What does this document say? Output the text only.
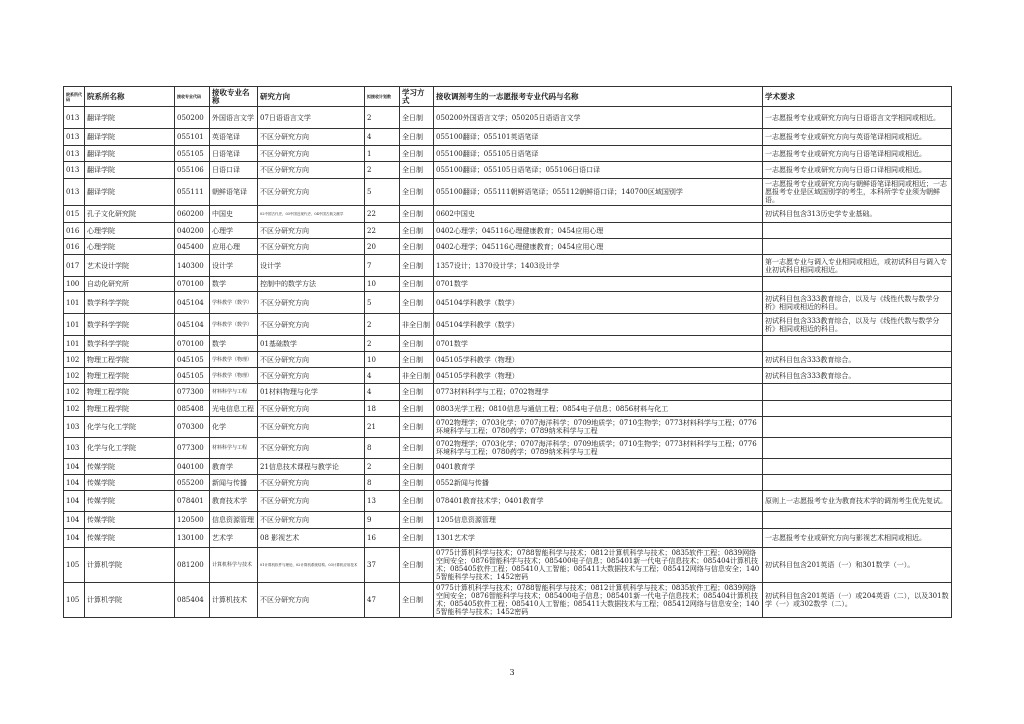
院系所代码	院系所名称	接收专业代码	接收专业名称	研究方向	拟接收计划数	学习方式	接收调剂考生的一志愿报考专业代码与名称	学术要求
013	翻译学院	050200	外国语言文学	07日语语言文学	2	全日制	050200外国语言文学；050205日语语言文学	一志愿报考专业或研究方向与日语语言文学相同或相近。
013	翻译学院	055101	英语笔译	不区分研究方向	4	全日制	055100翻译；055101英语笔译	一志愿报考专业或研究方向与英语笔译相同或相近。
013	翻译学院	055105	日语笔译	不区分研究方向	1	全日制	055100翻译；055105日语笔译	一志愿报考专业或研究方向与日语笔译相同或相近。
013	翻译学院	055106	日语口译	不区分研究方向	2	全日制	055100翻译；055105日语笔译；055106日语口译	一志愿报考专业或研究方向与日语口译相同或相近。
013	翻译学院	055111	朝鲜语笔译	不区分研究方向	5	全日制	055100翻译；055111朝鲜语笔译；055112朝鲜语口译；140700区域国别学	一志愿报考专业或研究方向与朝鲜语笔译相同或相近；一志愿报考专业是区域国别学的考生，本科所学专业须为朝鲜语。
015	孔子文化研究院	060200	中国史	02中国古代史、03中国近现代史、04中国古典文献学	22	全日制	0602中国史	初试科目包含313历史学专业基础。
016	心理学院	040200	心理学	不区分研究方向	22	全日制	0402心理学；045116心理健康教育；0454应用心理	
016	心理学院	045400	应用心理	不区分研究方向	20	全日制	0402心理学；045116心理健康教育；0454应用心理	
017	艺术设计学院	140300	设计学	设计学	7	全日制	1357设计；1370设计学；1403设计学	第一志愿专业与调入专业相同或相近，或初试科目与调入专业初试科目相同或相近。
100	自动化研究所	070100	数学	控制中的数学方法	10	全日制	0701数学	
101	数学科学学院	045104	学科教学（数学）	不区分研究方向	5	全日制	045104学科教学（数学）	初试科目包含333教育综合，以及与《线性代数与数学分析》相同或相近的科目。
101	数学科学学院	045104	学科教学（数学）	不区分研究方向	2	非全日制	045104学科教学（数学）	初试科目包含333教育综合，以及与《线性代数与数学分析》相同或相近的科目。
101	数学科学学院	070100	数学	01基础数学	2	全日制	0701数学	
102	物理工程学院	045105	学科教学（物理）	不区分研究方向	10	全日制	045105学科教学（物理）	初试科目包含333教育综合。
102	物理工程学院	045105	学科教学（物理）	不区分研究方向	4	非全日制	045105学科教学（物理）	初试科目包含333教育综合。
102	物理工程学院	077300	材料科学与工程	01材料物理与化学	4	全日制	0773材料科学与工程；0702物理学	
102	物理工程学院	085408	光电信息工程	不区分研究方向	18	全日制	0803光学工程；0810信息与通信工程；0854电子信息；0856材料与化工	
103	化学与化工学院	070300	化学	不区分研究方向	21	全日制	0702物理学；0703化学；0707海洋科学；0709地质学；0710生物学；0773材料科学与工程；0776环境科学与工程；0780药学；0789纳米科学与工程	
103	化学与化工学院	077300	材料科学与工程	不区分研究方向	8	全日制	0702物理学；0703化学；0707海洋科学；0709地质学；0710生物学；0773材料科学与工程；0776环境科学与工程；0780药学；0789纳米科学与工程	
104	传媒学院	040100	教育学	21信息技术课程与教学论	2	全日制	0401教育学	
104	传媒学院	055200	新闻与传播	不区分研究方向	8	全日制	0552新闻与传播	
104	传媒学院	078401	教育技术学	不区分研究方向	13	全日制	078401教育技术学；0401教育学	原则上一志愿报考专业为教育技术学的调剂考生优先复试。
104	传媒学院	120500	信息资源管理	不区分研究方向	9	全日制	1205信息资源管理	
104	传媒学院	130100	艺术学	08 影视艺术	16	全日制	1301艺术学	一志愿报考专业或研究方向与影视艺术相同或相近。
105	计算机学院	081200	计算机科学与技术	01计算机软件与理论、02计算机系统结构、03计算机应用技术	37	全日制	0775计算机科学与技术；0788智能科学与技术；0812计算机科学与技术；0835软件工程；0839网络空间安全；0876智能科学与技术；085400电子信息；085401新一代电子信息技术；085404计算机技术；085405软件工程；085410人工智能；085411大数据技术与工程；085412网络与信息安全；1405智能科学与技术；1452密码	初试科目包含201英语（一）和301数学（一）。
105	计算机学院	085404	计算机技术	不区分研究方向	47	全日制	0775计算机科学与技术；0788智能科学与技术；0812计算机科学与技术；0835软件工程；0839网络空间安全；0876智能科学与技术；085400电子信息；085401新一代电子信息技术；085404计算机技术；085405软件工程；085410人工智能；085411大数据技术与工程；085412网络与信息安全；1405智能科学与技术；1452密码	初试科目包含201英语（一）或204英语（二），以及301数学（一）或302数学（二）。
3
